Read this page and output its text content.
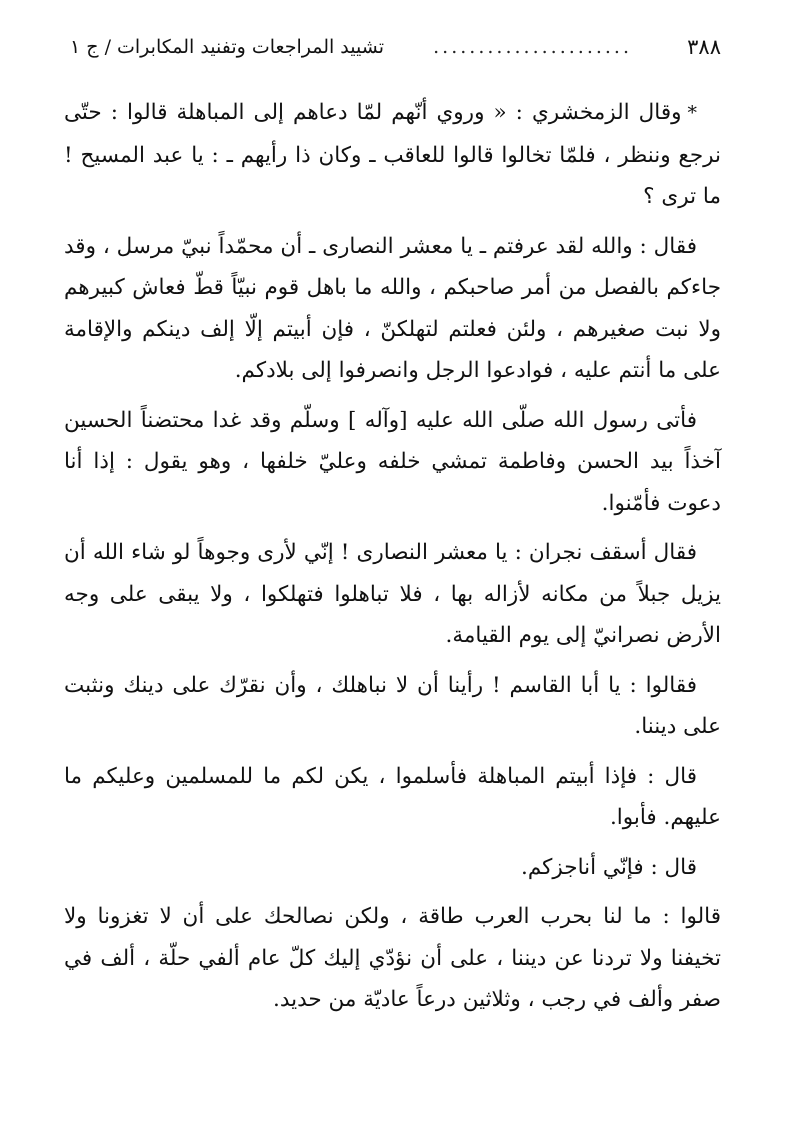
٣٨٨
......................
تشييد المراجعات وتفنيد المكابرات / ج ١

*وقال الزمخشري : « وروي أنّهم لمّا دعاهم إلى المباهلة قالوا : حتّى نرجع وننظر ، فلمّا تخالوا قالوا للعاقب ـ وكان ذا رأيهم ـ : يا عبد المسيح ! ما ترى ؟

فقال : والله لقد عرفتم ـ يا معشر النصارى ـ أن محمّداً نبيّ مرسل ، وقد جاءكم بالفصل من أمر صاحبكم ، والله ما باهل قوم نبيّاً قطّ فعاش كبيرهم ولا نبت صغيرهم ، ولئن فعلتم لتهلكنّ ، فإن أبيتم إلّا إلف دينكم والإقامة على ما أنتم عليه ، فوادعوا الرجل وانصرفوا إلى بلادكم.

فأتى رسول الله صلّى الله عليه [وآله ] وسلّم وقد غدا محتضناً الحسين آخذاً بيد الحسن وفاطمة تمشي خلفه وعليّ خلفها ، وهو يقول : إذا أنا دعوت فأمّنوا.

فقال أسقف نجران : يا معشر النصارى ! إنّي لأرى وجوهاً لو شاء الله أن يزيل جبلاً من مكانه لأزاله بها ، فلا تباهلوا فتهلكوا ، ولا يبقى على وجه الأرض نصرانيّ إلى يوم القيامة.

فقالوا : يا أبا القاسم ! رأينا أن لا نباهلك ، وأن نقرّك على دينك ونثبت على ديننا.

قال : فإذا أبيتم المباهلة فأسلموا ، يكن لكم ما للمسلمين وعليكم ما عليهم. فأبوا.

قال : فإنّي أناجزكم.

قالوا : ما لنا بحرب العرب طاقة ، ولكن نصالحك على أن لا تغزونا ولا تخيفنا ولا تردنا عن ديننا ، على أن نؤدّي إليك كلّ عام ألفي حلّة ، ألف في صفر وألف في رجب ، وثلاثين درعاً عاديّة من حديد.
